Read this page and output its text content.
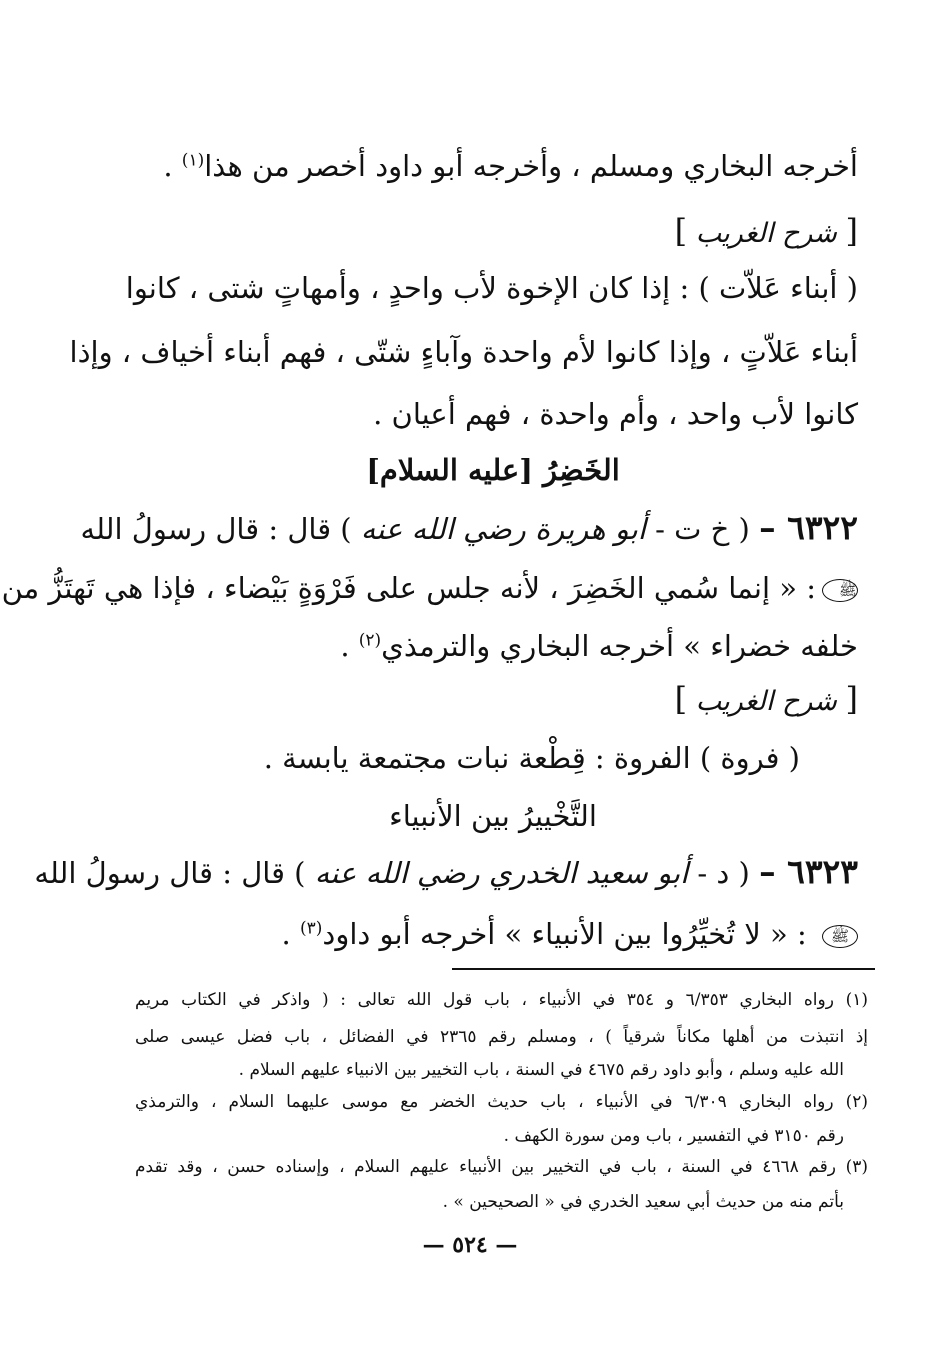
أخرجه البخاري ومسلم ، وأخرجه أبو داود أخصر من هذا$^{(١)}$ .
[ شرح الغريب ]
( أبناء عَلاّت ) : إذا كان الإخوة لأب واحدٍ ، وأمهاتٍ شتى ، كانوا
أبناء عَلاّتٍ ، وإذا كانوا لأم واحدة وآباءٍ شتّى ، فهم أبناء أخياف ، وإذا
كانوا لأب واحد ، وأم واحدة ، فهم أعيان .
الخَضِرُ [عليه السلام]
٦٣٢٢ – ( خ ت - أبو هريرة رضي الله عنه ) قال : قال رسولُ الله
ﷺ: « إنما سُمي الخَضِرَ ، لأنه جلس على فَرْوَةٍ بَيْضاء ، فإذا هي تَهتَزُّ من
خلفه خضراء » أخرجه البخاري والترمذي$^{(٢)}$ .
[ شرح الغريب ]
( فروة ) الفروة : قِطْعة نبات مجتمعة يابسة .
التَّخْييرُ بين الأنبياء
٦٣٢٣ – ( د - أبو سعيد الخدري رضي الله عنه ) قال : قال رسولُ الله
ﷺ : « لا تُخيِّرُوا بين الأنبياء » أخرجه أبو داود$^{(٣)}$ .
(١) رواه البخاري ٦/٣٥٣ و ٣٥٤ في الأنبياء ، باب قول الله تعالى : ( واذكر في الكتاب مريم
إذ انتبذت من أهلها مكاناً شرقياً ) ، ومسلم رقم ٢٣٦٥ في الفضائل ، باب فضل عيسى صلى
الله عليه وسلم ، وأبو داود رقم ٤٦٧٥ في السنة ، باب التخيير بين الانبياء عليهم السلام .
(٢) رواه البخاري ٦/٣٠٩ في الأنبياء ، باب حديث الخضر مع موسى عليهما السلام ، والترمذي
رقم ٣١٥٠ في التفسير ، باب ومن سورة الكهف .
(٣) رقم ٤٦٦٨ في السنة ، باب في التخيير بين الأنبياء عليهم السلام ، وإسناده حسن ، وقد تقدم
بأتم منه من حديث أبي سعيد الخدري في « الصحيحين » .
— ٥٢٤ —
